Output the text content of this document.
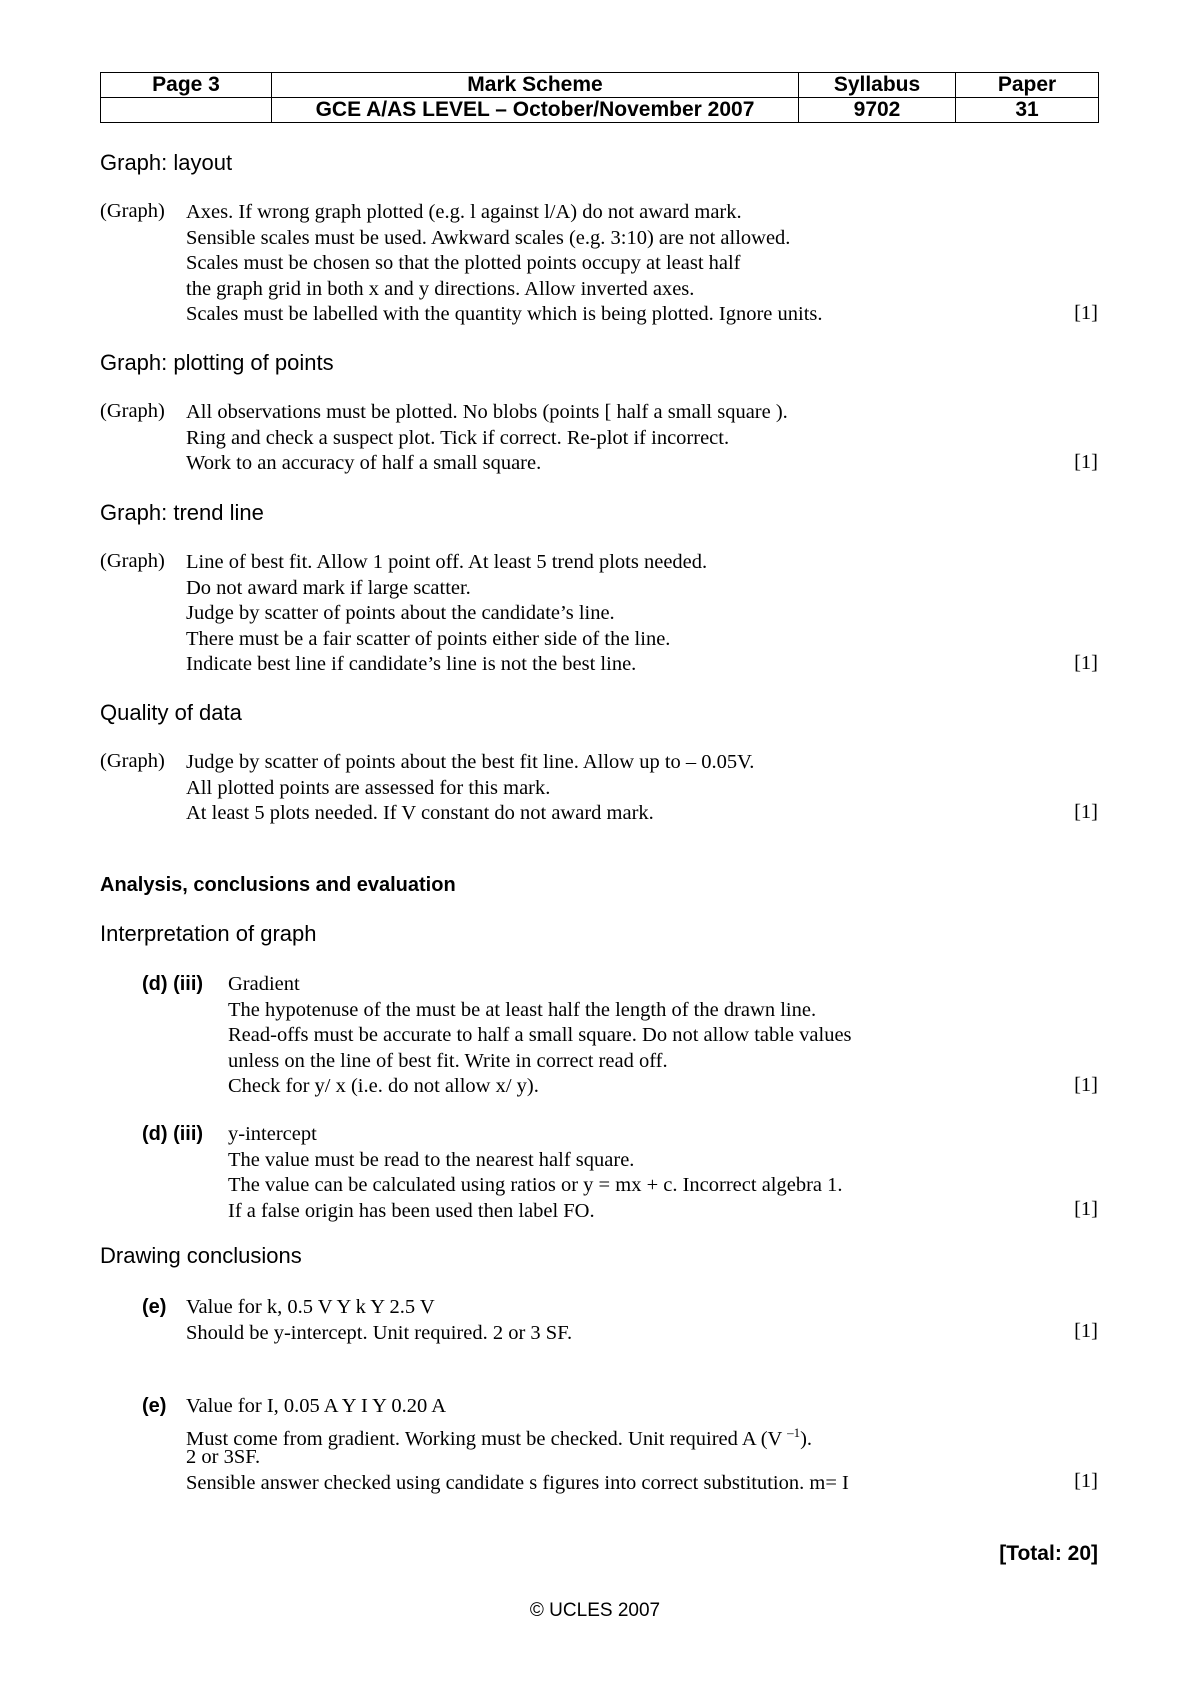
Page 3	Mark Scheme	Syllabus	Paper
	GCE A/AS LEVEL – October/November 2007	9702	31
Graph: layout
(Graph) Axes. If wrong graph plotted (e.g. l against l/A) do not award mark.
Sensible scales must be used. Awkward scales (e.g. 3:10) are not allowed.
Scales must be chosen so that the plotted points occupy at least half
the graph grid in both x and y directions. Allow inverted axes.
Scales must be labelled with the quantity which is being plotted. Ignore units.	[1]
Graph: plotting of points
(Graph) All observations must be plotted. No blobs (points [ half a small square ).
Ring and check a suspect plot. Tick if correct. Re-plot if incorrect.
Work to an accuracy of half a small square.	[1]
Graph: trend line
(Graph) Line of best fit. Allow 1 point off. At least 5 trend plots needed.
Do not award mark if large scatter.
Judge by scatter of points about the candidate’s line.
There must be a fair scatter of points either side of the line.
Indicate best line if candidate’s line is not the best line.	[1]
Quality of data
(Graph) Judge by scatter of points about the best fit line. Allow up to – 0.05V.
All plotted points are assessed for this mark.
At least 5 plots needed. If V constant do not award mark.	[1]
Analysis, conclusions and evaluation
Interpretation of graph
(d) (iii) Gradient
The hypotenuse of the must be at least half the length of the drawn line.
Read-offs must be accurate to half a small square. Do not allow table values
unless on the line of best fit. Write in correct read off.
Check for y/ x (i.e. do not allow x/ y).	[1]
(d) (iii) y-intercept
The value must be read to the nearest half square.
The value can be calculated using ratios or y = mx + c. Incorrect algebra 1.
If a false origin has been used then label FO.	[1]
Drawing conclusions
(e) Value for k, 0.5 V Y k Y 2.5 V
Should be y-intercept. Unit required. 2 or 3 SF.	[1]
(e) Value for I, 0.05 A Y I Y 0.20 A
Must come from gradient. Working must be checked. Unit required A (V $^{-1}$).
2 or 3SF.
Sensible answer checked using candidate s figures into correct substitution. m= I	[1]
[Total: 20]
© UCLES 2007
